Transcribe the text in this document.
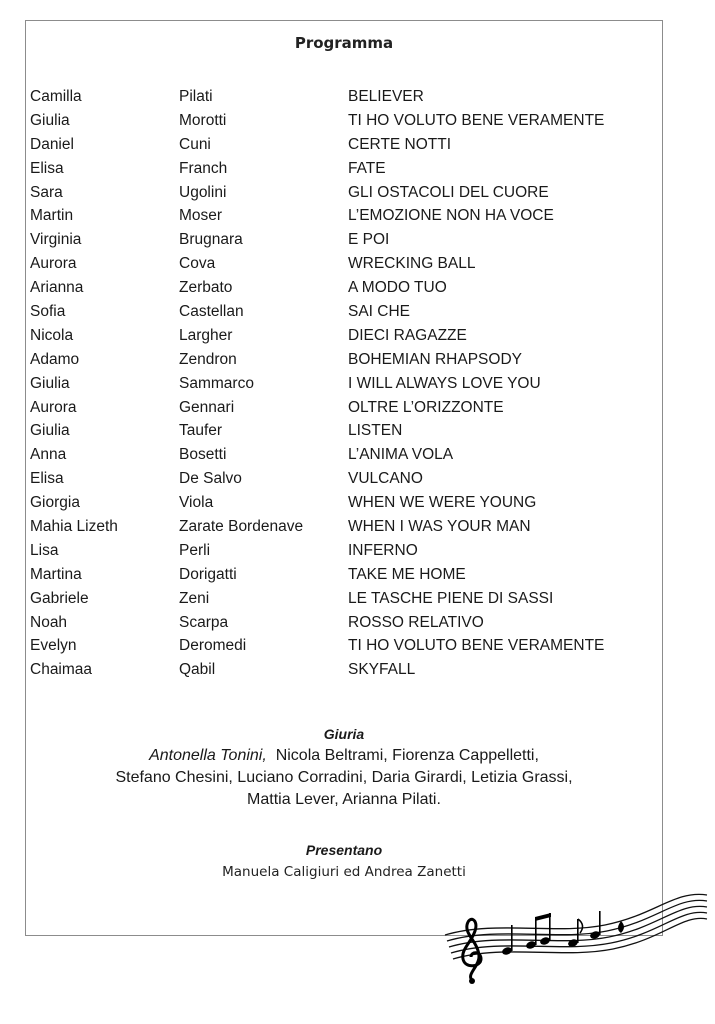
Programma
Camilla	Pilati	BELIEVER
Giulia	Morotti	TI HO VOLUTO BENE VERAMENTE
Daniel	Cuni	CERTE NOTTI
Elisa	Franch	FATE
Sara	Ugolini	GLI OSTACOLI DEL CUORE
Martin	Moser	L’EMOZIONE NON HA VOCE
Virginia	Brugnara	E POI
Aurora	Cova	WRECKING BALL
Arianna	Zerbato	A MODO TUO
Sofia	Castellan	SAI CHE
Nicola	Largher	DIECI RAGAZZE
Adamo	Zendron	BOHEMIAN RHAPSODY
Giulia	Sammarco	I WILL ALWAYS LOVE YOU
Aurora	Gennari	OLTRE L’ORIZZONTE
Giulia	Taufer	LISTEN
Anna	Bosetti	L’ANIMA VOLA
Elisa	De Salvo	VULCANO
Giorgia	Viola	WHEN WE WERE YOUNG
Mahia Lizeth	Zarate Bordenave	WHEN I WAS YOUR MAN
Lisa	Perli	INFERNO
Martina	Dorigatti	TAKE ME HOME
Gabriele	Zeni	LE TASCHE PIENE DI SASSI
Noah	Scarpa	ROSSO RELATIVO
Evelyn	Deromedi	TI HO VOLUTO BENE VERAMENTE
Chaimaa	Qabil	SKYFALL
Giuria
Antonella Tonini, Nicola Beltrami, Fiorenza Cappelletti,
Stefano Chesini, Luciano Corradini, Daria Girardi, Letizia Grassi,
Mattia Lever, Arianna Pilati.
Presentano
Manuela Caligiuri ed Andrea Zanetti
